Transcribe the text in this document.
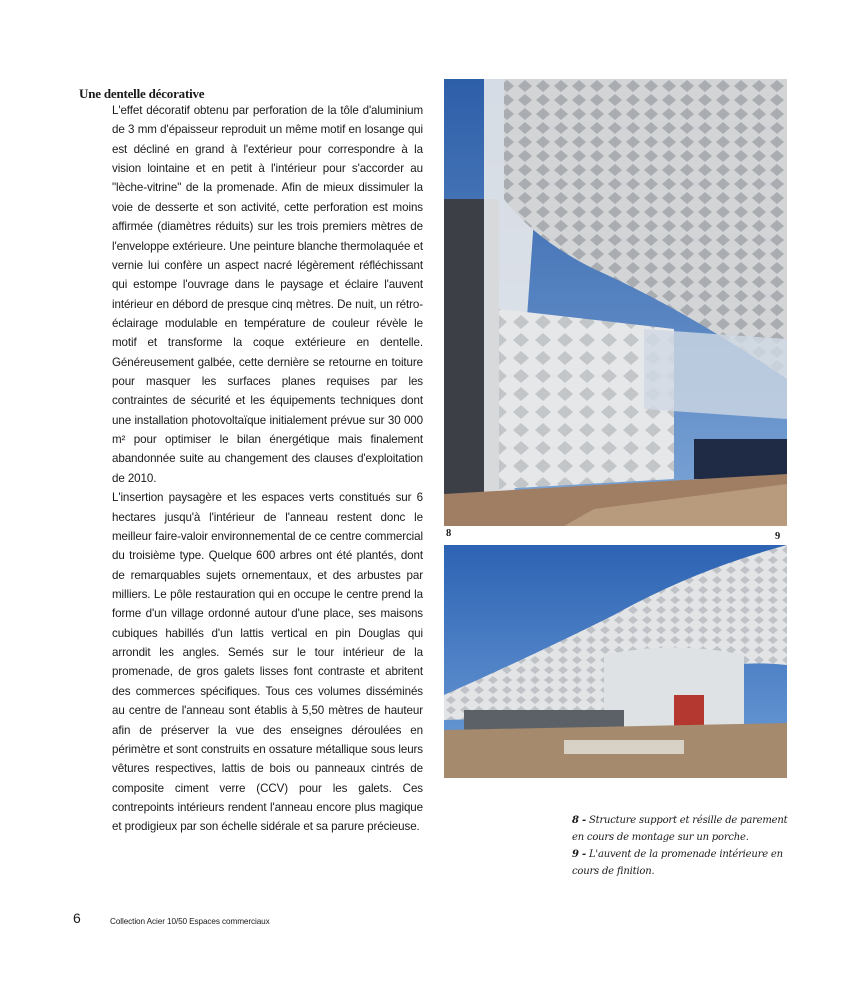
Une dentelle décorative

L'effet décoratif obtenu par perforation de la tôle d'aluminium de 3 mm d'épaisseur reproduit un même motif en losange qui est décliné en grand à l'extérieur pour correspondre à la vision lointaine et en petit à l'intérieur pour s'accorder au "lèche-vitrine" de la promenade. Afin de mieux dissimuler la voie de desserte et son activité, cette perforation est moins affirmée (diamètres réduits) sur les trois premiers mètres de l'enveloppe extérieure. Une peinture blanche thermolaquée et vernie lui confère un aspect nacré légèrement réfléchissant qui estompe l'ouvrage dans le paysage et éclaire l'auvent intérieur en débord de presque cinq mètres. De nuit, un rétro-éclairage modulable en température de couleur révèle le motif et transforme la coque extérieure en dentelle. Généreusement galbée, cette dernière se retourne en toiture pour masquer les surfaces planes requises par les contraintes de sécurité et les équipements techniques dont une installation photovoltaïque initialement prévue sur 30 000 m² pour optimiser le bilan énergétique mais finalement abandonnée suite au changement des clauses d'exploitation de 2010.

L'insertion paysagère et les espaces verts constitués sur 6 hectares jusqu'à l'intérieur de l'anneau restent donc le meilleur faire-valoir environnemental de ce centre commercial du troisième type. Quelque 600 arbres ont été plantés, dont de remarquables sujets ornementaux, et des arbustes par milliers. Le pôle restauration qui en occupe le centre prend la forme d'un village ordonné autour d'une place, ses maisons cubiques habillés d'un lattis vertical en pin Douglas qui arrondit les angles. Semés sur le tour intérieur de la promenade, de gros galets lisses font contraste et abritent des commerces spécifiques. Tous ces volumes disséminés au centre de l'anneau sont établis à 5,50 mètres de hauteur afin de préserver la vue des enseignes déroulées en périmètre et sont construits en ossature métallique sous leurs vêtures respectives, lattis de bois ou panneaux cintrés de composite ciment verre (CCV) pour les galets. Ces contrepoints intérieurs rendent l'anneau encore plus magique et prodigieux par son échelle sidérale et sa parure précieuse.

8	9
8 - Structure support et résille de parement en cours de montage sur un porche.
9 - L'auvent de la promenade intérieure en cours de finition.
6	Collection Acier 10/50 Espaces commerciaux
